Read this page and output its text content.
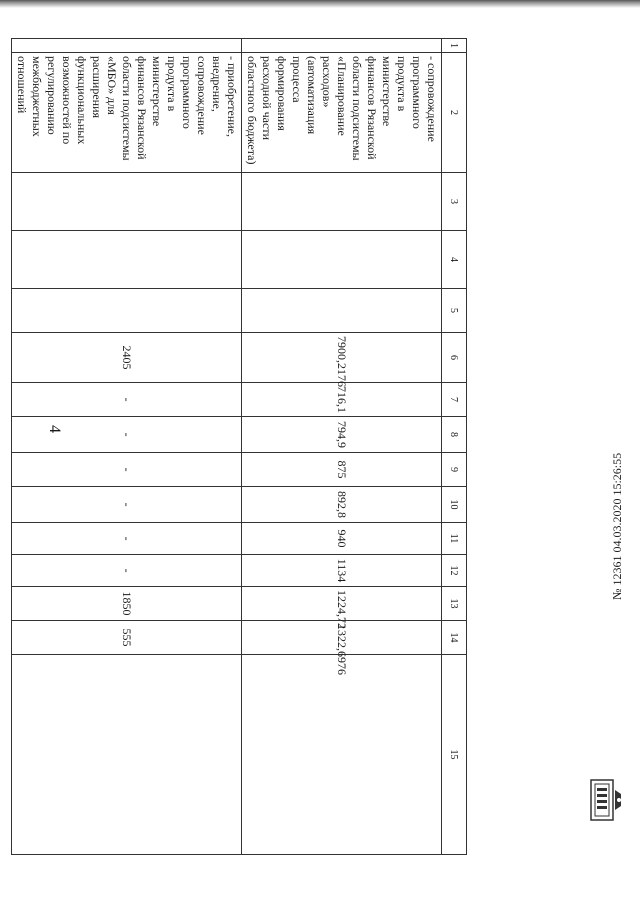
4
1	2	3	4	5	6	7	8	9	10	11	12	13	14	15
	- сопровождение программного продукта в министерстве финансов Рязанской области подсистемы «Планирование расходов» (автоматизация процесса формирования расходной части областного бюджета)				7900,2176	716,1	794,9	875	892,8	940	1134	1224,72	1322,6976	
	- приобретение, внедрение, сопровождение программного продукта в министерстве финансов Рязанской области подсистемы «МБО» для расширения функциональных возможностей по регулированию межбюджетных отношений				2405	-	-	-	-	-	-	1850	555	
№ 12361 04.03.2020 15:26:55
